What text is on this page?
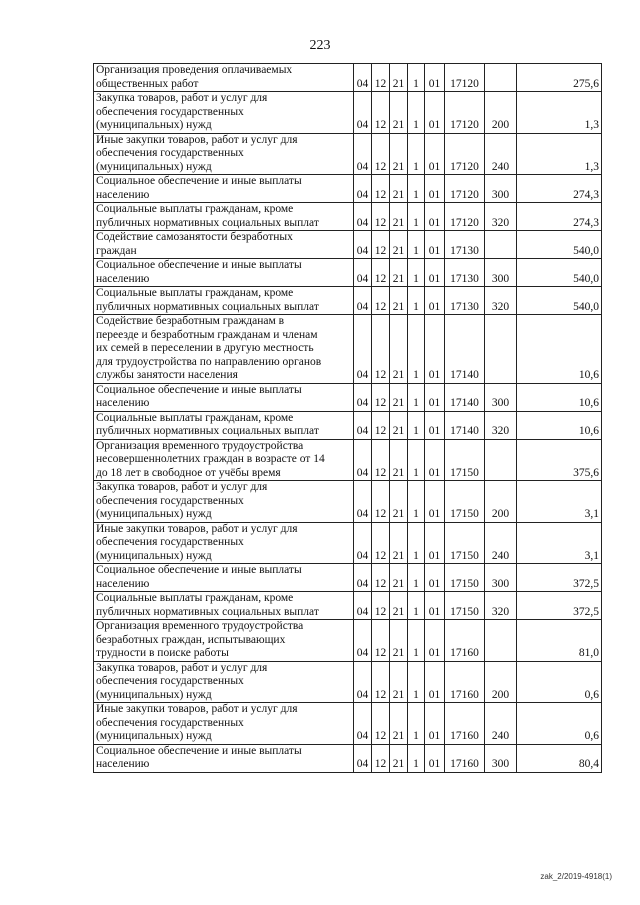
223
Организация проведения оплачиваемых
общественных работ	04	12	21	1	01	17120		275,6

Закупка товаров, работ и услуг для
обеспечения государственных
(муниципальных) нужд	04	12	21	1	01	17120	200	1,3

Иные закупки товаров, работ и услуг для
обеспечения государственных
(муниципальных) нужд	04	12	21	1	01	17120	240	1,3

Социальное обеспечение и иные выплаты
населению	04	12	21	1	01	17120	300	274,3

Социальные выплаты гражданам, кроме
публичных нормативных социальных выплат	04	12	21	1	01	17120	320	274,3

Содействие самозанятости безработных
граждан	04	12	21	1	01	17130		540,0

Социальное обеспечение и иные выплаты
населению	04	12	21	1	01	17130	300	540,0

Социальные выплаты гражданам, кроме
публичных нормативных социальных выплат	04	12	21	1	01	17130	320	540,0

Содействие безработным гражданам в
переезде и безработным гражданам и членам
их семей в переселении в другую местность
для трудоустройства по направлению органов
службы занятости населения	04	12	21	1	01	17140		10,6

Социальное обеспечение и иные выплаты
населению	04	12	21	1	01	17140	300	10,6

Социальные выплаты гражданам, кроме
публичных нормативных социальных выплат	04	12	21	1	01	17140	320	10,6

Организация временного трудоустройства
несовершеннолетних граждан в возрасте от 14
до 18 лет в свободное от учёбы время	04	12	21	1	01	17150		375,6

Закупка товаров, работ и услуг для
обеспечения государственных
(муниципальных) нужд	04	12	21	1	01	17150	200	3,1

Иные закупки товаров, работ и услуг для
обеспечения государственных
(муниципальных) нужд	04	12	21	1	01	17150	240	3,1

Социальное обеспечение и иные выплаты
населению	04	12	21	1	01	17150	300	372,5

Социальные выплаты гражданам, кроме
публичных нормативных социальных выплат	04	12	21	1	01	17150	320	372,5

Организация временного трудоустройства
безработных граждан, испытывающих
трудности в поиске работы	04	12	21	1	01	17160		81,0

Закупка товаров, работ и услуг для
обеспечения государственных
(муниципальных) нужд	04	12	21	1	01	17160	200	0,6

Иные закупки товаров, работ и услуг для
обеспечения государственных
(муниципальных) нужд	04	12	21	1	01	17160	240	0,6

Социальное обеспечение и иные выплаты
населению	04	12	21	1	01	17160	300	80,4
zak_2/2019-4918(1)
